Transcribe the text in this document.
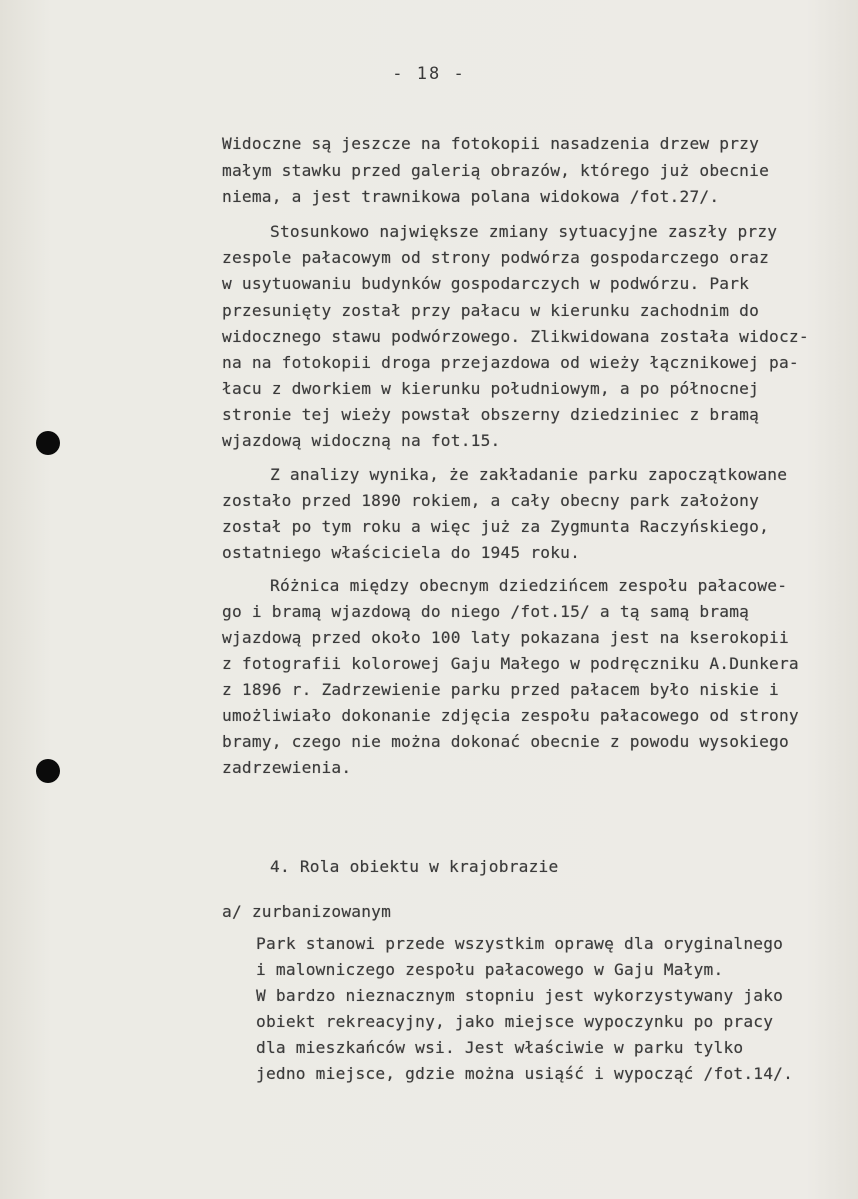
- 18 -
Widoczne są jeszcze na fotokopii nasadzenia drzew przy
małym stawku przed galerią obrazów, którego już obecnie
niema, a jest trawnikowa polana widokowa /fot.27/.
Stosunkowo największe zmiany sytuacyjne zaszły przy
zespole pałacowym od strony podwórza gospodarczego oraz
w usytuowaniu budynków gospodarczych w podwórzu. Park
przesunięty został przy pałacu w kierunku zachodnim do
widocznego stawu podwórzowego. Zlikwidowana została widocz-
na na fotokopii droga przejazdowa od wieży łącznikowej pa-
łacu z dworkiem w kierunku południowym, a po północnej
stronie tej wieży powstał obszerny dziedziniec z bramą
wjazdową widoczną na fot.15.
Z analizy wynika, że zakładanie parku zapoczątkowane
zostało przed 1890 rokiem, a cały obecny park założony
został po tym roku a więc już za Zygmunta Raczyńskiego,
ostatniego właściciela do 1945 roku.
Różnica między obecnym dziedzińcem zespołu pałacowe-
go i bramą wjazdową do niego /fot.15/ a tą samą bramą
wjazdową przed około 100 laty pokazana jest na kserokopii
z fotografii kolorowej Gaju Małego w podręczniku A.Dunkera
z 1896 r. Zadrzewienie parku przed pałacem było niskie i
umożliwiało dokonanie zdjęcia zespołu pałacowego od strony
bramy, czego nie można dokonać obecnie z powodu wysokiego
zadrzewienia.
4. Rola obiektu w krajobrazie
a/ zurbanizowanym
Park stanowi przede wszystkim oprawę dla oryginalnego
i malowniczego zespołu pałacowego w Gaju Małym.
W bardzo nieznacznym stopniu jest wykorzystywany jako
obiekt rekreacyjny, jako miejsce wypoczynku po pracy
dla mieszkańców wsi. Jest właściwie w parku tylko
jedno miejsce, gdzie można usiąść i wypocząć /fot.14/.
